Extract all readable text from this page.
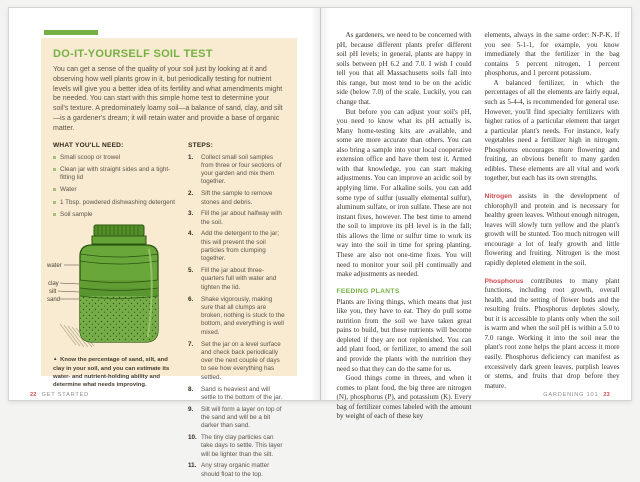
DO-IT-YOURSELF SOIL TEST

You can get a sense of the quality of your soil just by looking at it and observing how well plants grow in it, but periodically testing for nutrient levels will give you a better idea of its fertility and what amendments might be needed. You can start with this simple home test to determine your soil's texture. A predominately loamy soil—a balance of sand, clay, and silt—is a gardener's dream; it will retain water and provide a base of organic matter.

WHAT YOU'LL NEED:
Small scoop or trowel
Clean jar with straight sides and a tight-fitting lid
Water
1 Tbsp. powdered dishwashing detergent
Soil sample
water
clay
silt
sand

▲ Know the percentage of sand, silt, and clay in your soil, and you can estimate its water- and nutrient-holding ability and determine what needs improving.

STEPS:
1.	Collect small soil samples from three or four sections of your garden and mix them together.
2.	Sift the sample to remove stones and debris.
3.	Fill the jar about halfway with the soil.
4.	Add the detergent to the jar; this will prevent the soil particles from clumping together.
5.	Fill the jar about three-quarters full with water and tighten the lid.
6.	Shake vigorously, making sure that all clumps are broken, nothing is stuck to the bottom, and everything is well mixed.
7.	Set the jar on a level surface and check back periodically over the next couple of days to see how everything has settled.
8.	Sand is heaviest and will settle to the bottom of the jar.
9.	Silt will form a layer on top of the sand and will be a bit darker than sand.
10. The tiny clay particles can take days to settle. This layer will be lighter than the silt.
11. Any stray organic matter should float to the top.
22 GET STARTED

As gardeners, we need to be concerned with pH, because different plants prefer different soil pH levels; in general, plants are happy in soils between pH 6.2 and 7.0. I wish I could tell you that all Massachusetts soils fall into this range, but most tend to be on the acidic side (below 7.0) of the scale. Luckily, you can change that.

But before you can adjust your soil's pH, you need to know what its pH actually is. Many home-testing kits are available, and some are more accurate than others. You can also bring a sample into your local cooperative extension office and have them test it. Armed with that knowledge, you can start making adjustments. You can improve an acidic soil by applying lime. For alkaline soils, you can add some type of sulfur (usually elemental sulfur), aluminum sulfate, or iron sulfate. These are not instant fixes, however. The best time to amend the soil to improve its pH level is in the fall; this allows the lime or sulfur time to work its way into the soil in time for spring planting. These are also not one-time fixes. You will need to monitor your soil pH continually and make adjustments as needed.

FEEDING PLANTS

Plants are living things, which means that just like you, they have to eat. They do pull some nutrition from the soil we have taken great pains to build, but these nutrients will become depleted if they are not replenished. You can add plant food, or fertilizer, to amend the soil and provide the plants with the nutrition they need so that they can do the same for us.

Good things come in threes, and when it comes to plant food, the big three are nitrogen (N), phosphorus (P), and potassium (K). Every bag of fertilizer comes labeled with the amount by weight of each of these key

elements, always in the same order: N-P-K. If you see 5-1-1, for example, you know immediately that the fertilizer in the bag contains 5 percent nitrogen, 1 percent phosphorus, and 1 percent potassium.

A balanced fertilizer, in which the percentages of all the elements are fairly equal, such as 5-4-4, is recommended for general use. However, you'll find specialty fertilizers with higher ratios of a particular element that target a particular plant's needs. For instance, leafy vegetables need a fertilizer high in nitrogen. Phosphorus encourages more flowering and fruiting, an obvious benefit to many garden edibles. These elements are all vital and work together, but each has its own strengths.

Nitrogen assists in the development of chlorophyll and protein and is necessary for healthy green leaves. Without enough nitrogen, leaves will slowly turn yellow and the plant's growth will be stunted. Too much nitrogen will encourage a lot of leafy growth and little flowering and fruiting. Nitrogen is the most rapidly depleted element in the soil.

Phosphorus contributes to many plant functions, including root growth, overall health, and the setting of flower buds and the resulting fruits. Phosphorus depletes slowly, but it is accessible to plants only when the soil is warm and when the soil pH is within a 5.0 to 7.0 range. Working it into the soil near the plant's root zone helps the plant access it more easily. Phosphorus deficiency can manifest as excessively dark green leaves, purplish leaves or stems, and fruits that drop before they mature.

GARDENING 101 23
